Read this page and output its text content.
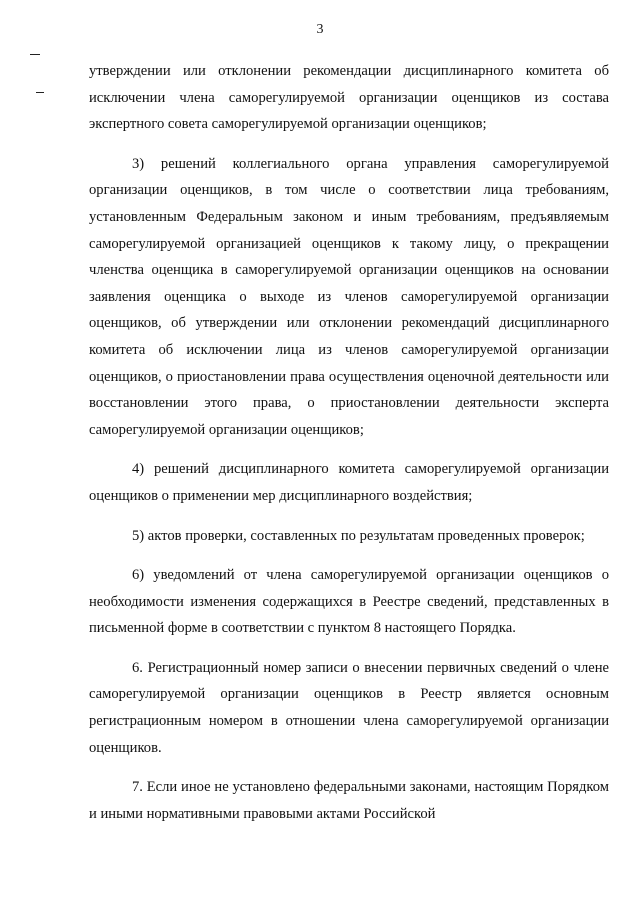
3

утверждении или отклонении рекомендации дисциплинарного комитета об исключении члена саморегулируемой организации оценщиков из состава экспертного совета саморегулируемой организации оценщиков;

3) решений коллегиального органа управления саморегулируемой организации оценщиков, в том числе о соответствии лица требованиям, установленным Федеральным законом и иным требованиям, предъявляемым саморегулируемой организацией оценщиков к такому лицу, о прекращении членства оценщика в саморегулируемой организации оценщиков на основании заявления оценщика о выходе из членов саморегулируемой организации оценщиков, об утверждении или отклонении рекомендаций дисциплинарного комитета об исключении лица из членов саморегулируемой организации оценщиков, о приостановлении права осуществления оценочной деятельности или восстановлении этого права, о приостановлении деятельности эксперта саморегулируемой организации оценщиков;

4) решений дисциплинарного комитета саморегулируемой организации оценщиков о применении мер дисциплинарного воздействия;

5) актов проверки, составленных по результатам проведенных проверок;

6) уведомлений от члена саморегулируемой организации оценщиков о необходимости изменения содержащихся в Реестре сведений, представленных в письменной форме в соответствии с пунктом 8 настоящего Порядка.

6. Регистрационный номер записи о внесении первичных сведений о члене саморегулируемой организации оценщиков в Реестр является основным регистрационным номером в отношении члена саморегулируемой организации оценщиков.

7. Если иное не установлено федеральными законами, настоящим Порядком и иными нормативными правовыми актами Российской
